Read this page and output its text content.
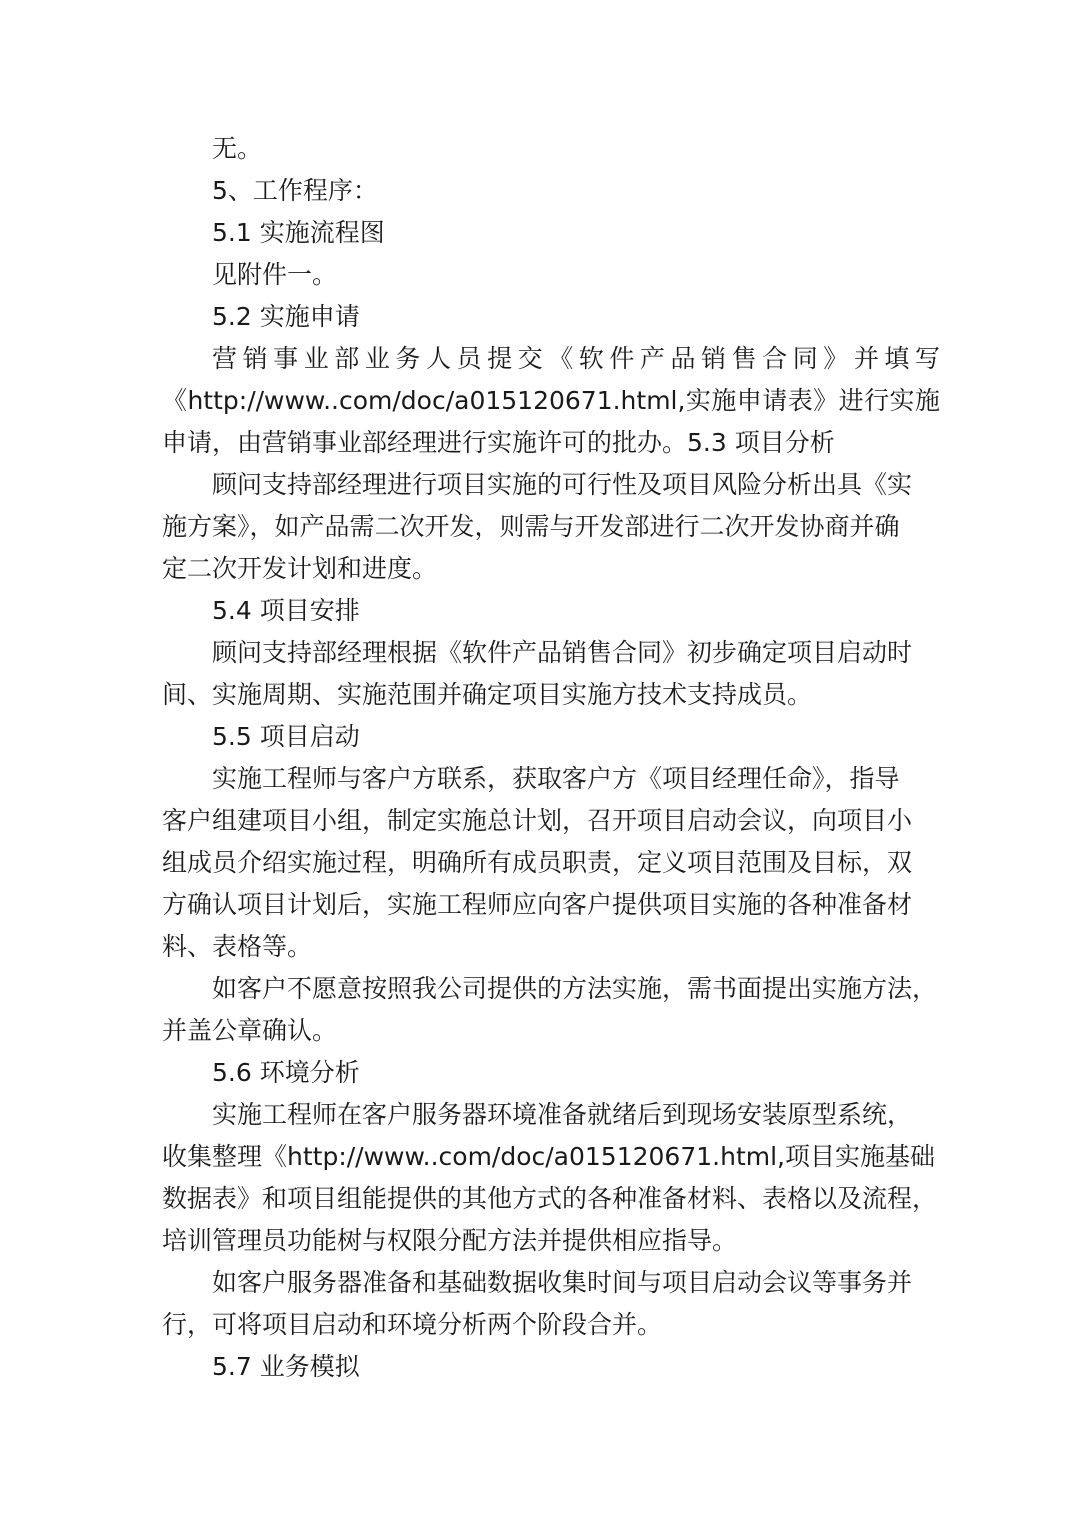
无。
5、工作程序：
5.1 实施流程图
见附件一。
5.2 实施申请
营销事业部业务人员提交《软件产品销售合同》并填写
《http://www..com/doc/a015120671.html,实施申请表》进行实施
申请，由营销事业部经理进行实施许可的批办。5.3 项目分析
顾问支持部经理进行项目实施的可行性及项目风险分析出具《实
施方案》，如产品需二次开发，则需与开发部进行二次开发协商并确
定二次开发计划和进度。
5.4 项目安排
顾问支持部经理根据《软件产品销售合同》初步确定项目启动时
间、实施周期、实施范围并确定项目实施方技术支持成员。
5.5 项目启动
实施工程师与客户方联系，获取客户方《项目经理任命》，指导
客户组建项目小组，制定实施总计划，召开项目启动会议，向项目小
组成员介绍实施过程，明确所有成员职责，定义项目范围及目标，双
方确认项目计划后，实施工程师应向客户提供项目实施的各种准备材
料、表格等。
如客户不愿意按照我公司提供的方法实施，需书面提出实施方法，
并盖公章确认。
5.6 环境分析
实施工程师在客户服务器环境准备就绪后到现场安装原型系统，
收集整理《http://www..com/doc/a015120671.html,项目实施基础
数据表》和项目组能提供的其他方式的各种准备材料、表格以及流程，
培训管理员功能树与权限分配方法并提供相应指导。
如客户服务器准备和基础数据收集时间与项目启动会议等事务并
行，可将项目启动和环境分析两个阶段合并。
5.7 业务模拟
